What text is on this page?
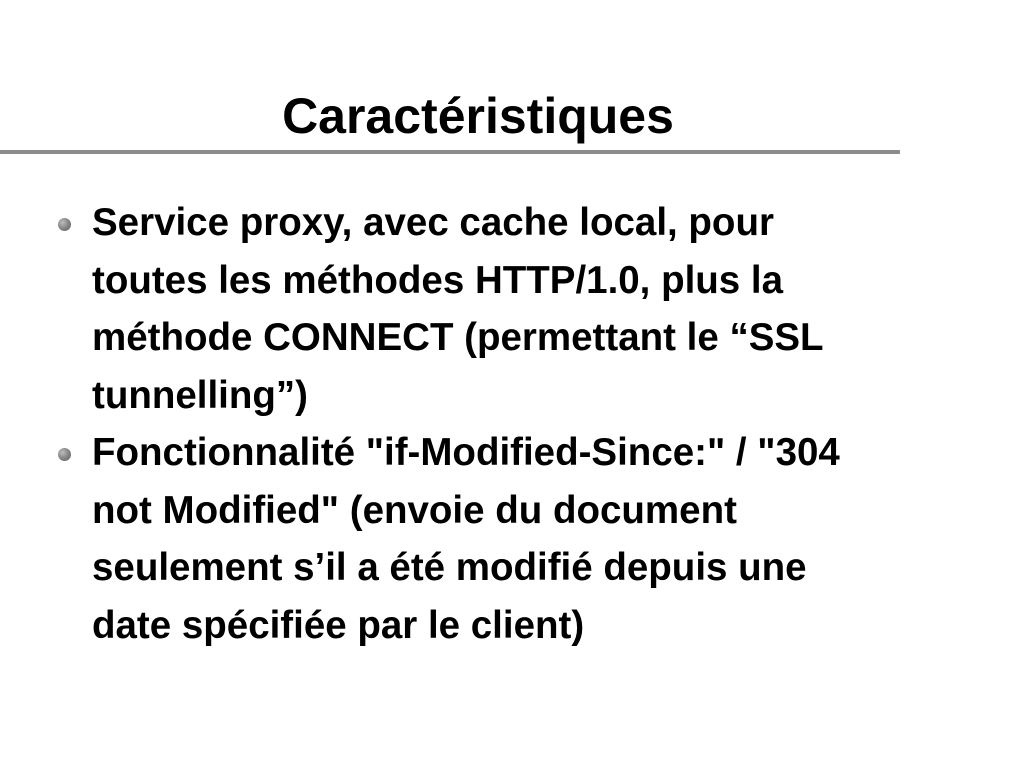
Caractéristiques
Service proxy, avec cache local, pour
toutes les méthodes HTTP/1.0, plus la
méthode CONNECT (permettant le “SSL
tunnelling”)
Fonctionnalité "if-Modified-Since:" / "304
not Modified" (envoie du document
seulement s’il a été modifié depuis une
date spécifiée par le client)
